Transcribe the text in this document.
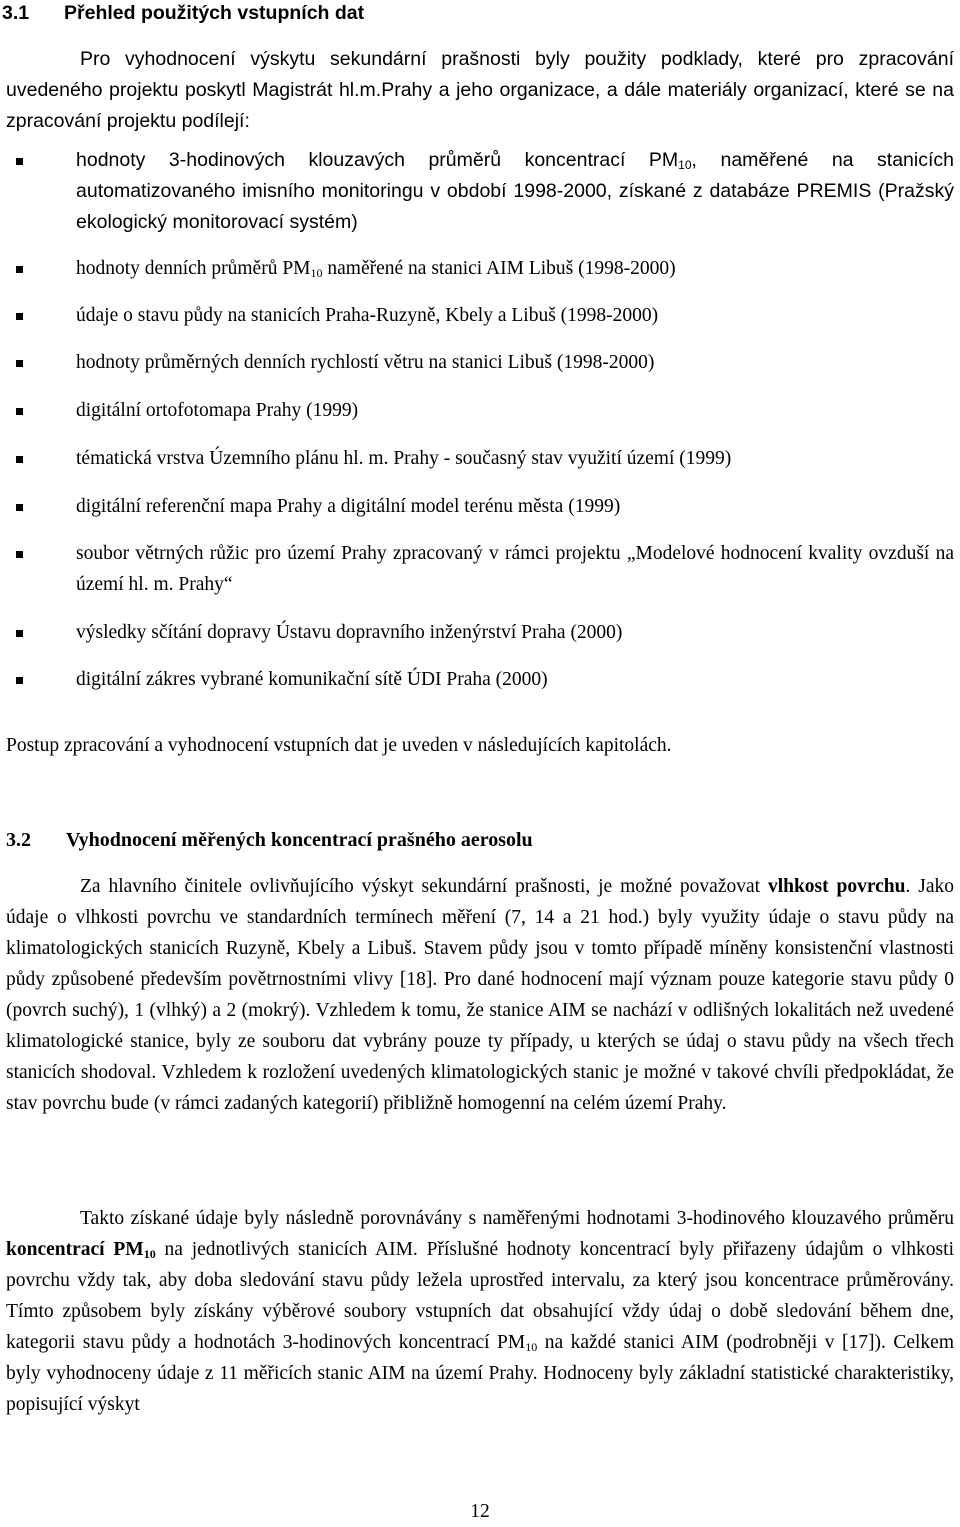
3.1 Přehled použitých vstupních dat

Pro vyhodnocení výskytu sekundární prašnosti byly použity podklady, které pro zpracování uvedeného projektu poskytl Magistrát hl.m.Prahy a jeho organizace, a dále materiály organizací, které se na zpracování projektu podílejí:

hodnoty 3-hodinových klouzavých průměrů koncentrací $PM_{10}$, naměřené na stanicích automatizovaného imisního monitoringu v období 1998-2000, získané z databáze PREMIS (Pražský ekologický monitorovací systém)
hodnoty denních průměrů $PM_{10}$ naměřené na stanici AIM Libuš (1998-2000)
údaje o stavu půdy na stanicích Praha-Ruzyně, Kbely a Libuš (1998-2000)
hodnoty průměrných denních rychlostí větru na stanici Libuš (1998-2000)
digitální ortofotomapa Prahy (1999)
tématická vrstva Územního plánu hl. m. Prahy - současný stav využití území (1999)
digitální referenční mapa Prahy a digitální model terénu města (1999)
soubor větrných růžic pro území Prahy zpracovaný v rámci projektu „Modelové hodnocení kvality ovzduší na území hl. m. Prahy“
výsledky sčítání dopravy Ústavu dopravního inženýrství Praha (2000)
digitální zákres vybrané komunikační sítě ÚDI Praha (2000)

Postup zpracování a vyhodnocení vstupních dat je uveden v následujících kapitolách.

3.2 Vyhodnocení měřených koncentrací prašného aerosolu

Za hlavního činitele ovlivňujícího výskyt sekundární prašnosti, je možné považovat vlhkost povrchu. Jako údaje o vlhkosti povrchu ve standardních termínech měření (7, 14 a 21 hod.) byly využity údaje o stavu půdy na klimatologických stanicích Ruzyně, Kbely a Libuš. Stavem půdy jsou v tomto případě míněny konsistenční vlastnosti půdy způsobené především povětrnostními vlivy [18]. Pro dané hodnocení mají význam pouze kategorie stavu půdy 0 (povrch suchý), 1 (vlhký) a 2 (mokrý). Vzhledem k tomu, že stanice AIM se nachází v odlišných lokalitách než uvedené klimatologické stanice, byly ze souboru dat vybrány pouze ty případy, u kterých se údaj o stavu půdy na všech třech stanicích shodoval. Vzhledem k rozložení uvedených klimatologických stanic je možné v takové chvíli předpokládat, že stav povrchu bude (v rámci zadaných kategorií) přibližně homogenní na celém území Prahy.

Takto získané údaje byly následně porovnávány s naměřenými hodnotami 3-hodinového klouzavého průměru koncentrací $PM_{10}$ na jednotlivých stanicích AIM. Příslušné hodnoty koncentrací byly přiřazeny údajům o vlhkosti povrchu vždy tak, aby doba sledování stavu půdy ležela uprostřed intervalu, za který jsou koncentrace průměrovány. Tímto způsobem byly získány výběrové soubory vstupních dat obsahující vždy údaj o době sledování během dne, kategorii stavu půdy a hodnotách 3-hodinových koncentrací $PM_{10}$ na každé stanici AIM (podrobněji v [17]). Celkem byly vyhodnoceny údaje z 11 měřicích stanic AIM na území Prahy. Hodnoceny byly základní statistické charakteristiky, popisující výskyt

12
